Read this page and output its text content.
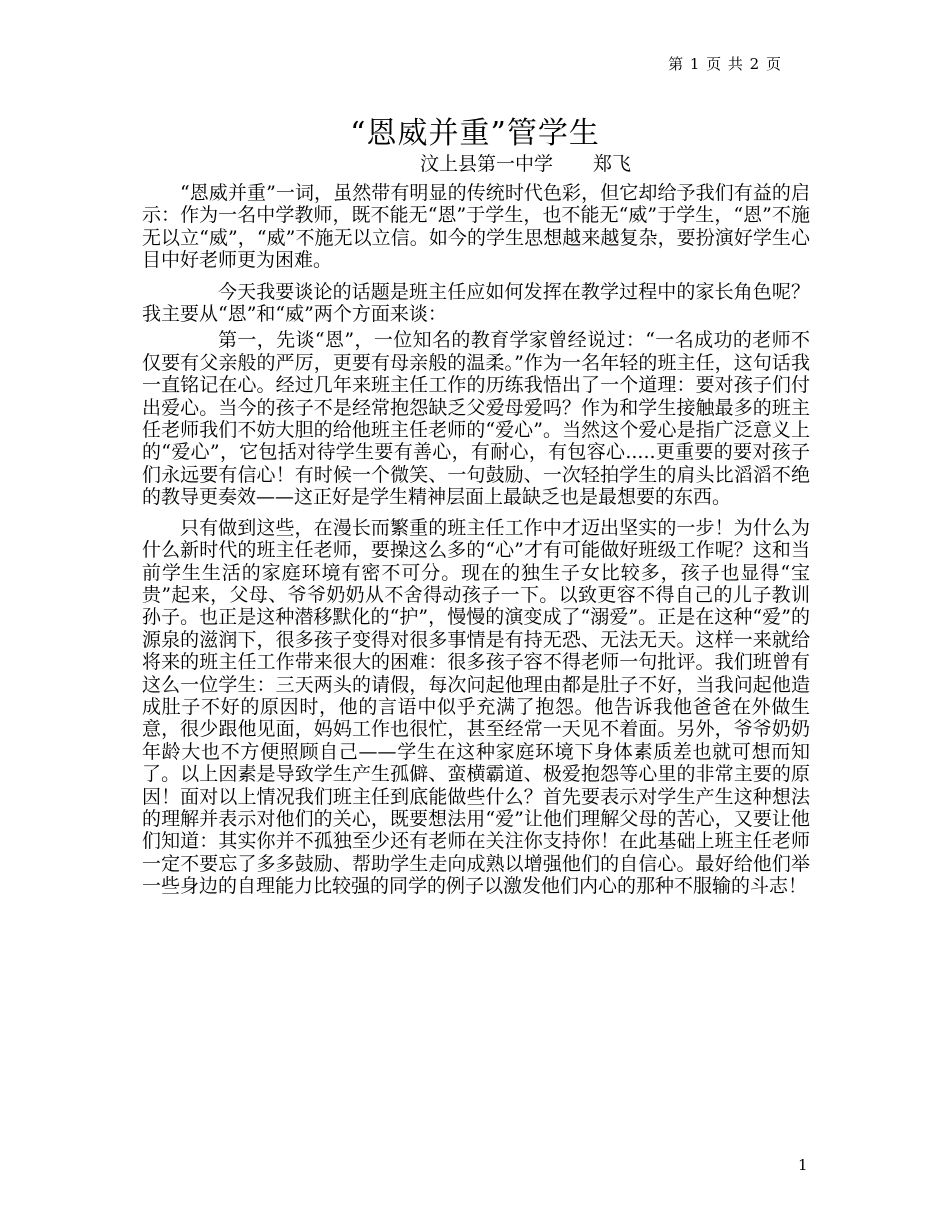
第 1 页 共 2 页
“恩威并重”管学生
汶上县第一中学 郑飞

“恩威并重”一词，虽然带有明显的传统时代色彩，但它却给予我们有益的启示：作为一名中学教师，既不能无“恩”于学生，也不能无“威”于学生，“恩”不施无以立“威”，“威”不施无以立信。如今的学生思想越来越复杂，要扮演好学生心目中好老师更为困难。

今天我要谈论的话题是班主任应如何发挥在教学过程中的家长角色呢？我主要从“恩”和“威”两个方面来谈：

第一，先谈“恩”，一位知名的教育学家曾经说过：“一名成功的老师不仅要有父亲般的严厉，更要有母亲般的温柔。”作为一名年轻的班主任，这句话我一直铭记在心。经过几年来班主任工作的历练我悟出了一个道理：要对孩子们付出爱心。当今的孩子不是经常抱怨缺乏父爱母爱吗？作为和学生接触最多的班主任老师我们不妨大胆的给他班主任老师的“爱心”。当然这个爱心是指广泛意义上的“爱心”，它包括对待学生要有善心，有耐心，有包容心.....更重要的要对孩子们永远要有信心！有时候一个微笑、一句鼓励、一次轻拍学生的肩头比滔滔不绝的教导更奏效——这正好是学生精神层面上最缺乏也是最想要的东西。

只有做到这些，在漫长而繁重的班主任工作中才迈出坚实的一步！为什么为什么新时代的班主任老师，要操这么多的“心”才有可能做好班级工作呢？这和当前学生生活的家庭环境有密不可分。现在的独生子女比较多，孩子也显得“宝贵”起来，父母、爷爷奶奶从不舍得动孩子一下。以致更容不得自己的儿子教训孙子。也正是这种潜移默化的“护”，慢慢的演变成了“溺爱”。正是在这种“爱”的源泉的滋润下，很多孩子变得对很多事情是有持无恐、无法无天。这样一来就给将来的班主任工作带来很大的困难：很多孩子容不得老师一句批评。我们班曾有这么一位学生：三天两头的请假，每次问起他理由都是肚子不好，当我问起他造成肚子不好的原因时，他的言语中似乎充满了抱怨。他告诉我他爸爸在外做生意，很少跟他见面，妈妈工作也很忙，甚至经常一天见不着面。另外，爷爷奶奶年龄大也不方便照顾自己——学生在这种家庭环境下身体素质差也就可想而知了。以上因素是导致学生产生孤僻、蛮横霸道、极爱抱怨等心里的非常主要的原因！面对以上情况我们班主任到底能做些什么？首先要表示对学生产生这种想法的理解并表示对他们的关心，既要想法用“爱”让他们理解父母的苦心，又要让他们知道：其实你并不孤独至少还有老师在关注你支持你！在此基础上班主任老师一定不要忘了多多鼓励、帮助学生走向成熟以增强他们的自信心。最好给他们举一些身边的自理能力比较强的同学的例子以激发他们内心的那种不服输的斗志！

1
